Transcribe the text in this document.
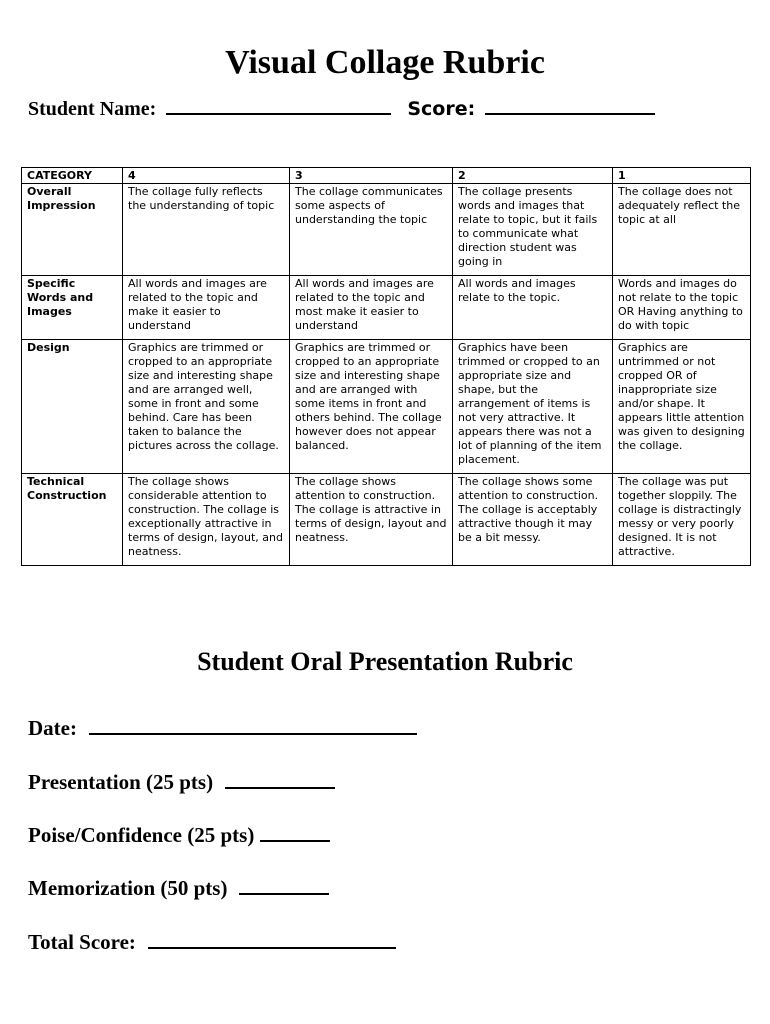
Visual Collage Rubric
Student Name:	Score:
CATEGORY	4	3	2	1
Overall Impression	The collage fully reflects the understanding of topic	The collage communicates some aspects of understanding the topic	The collage presents words and images that relate to topic, but it fails to communicate what direction student was going in	The collage does not adequately reflect the topic at all
Specific Words and Images	All words and images are related to the topic and make it easier to understand	All words and images are related to the topic and most make it easier to understand	All words and images relate to the topic.	Words and images do not relate to the topic OR Having anything to do with topic
Design	Graphics are trimmed or cropped to an appropriate size and interesting shape and are arranged well, some in front and some behind. Care has been taken to balance the pictures across the collage.	Graphics are trimmed or cropped to an appropriate size and interesting shape and are arranged with some items in front and others behind. The collage however does not appear balanced.	Graphics have been trimmed or cropped to an appropriate size and shape, but the arrangement of items is not very attractive. It appears there was not a lot of planning of the item placement.	Graphics are untrimmed or not cropped OR of inappropriate size and/or shape. It appears little attention was given to designing the collage.
Technical Construction	The collage shows considerable attention to construction. The collage is exceptionally attractive in terms of design, layout, and neatness.	The collage shows attention to construction. The collage is attractive in terms of design, layout and neatness.	The collage shows some attention to construction. The collage is acceptably attractive though it may be a bit messy.	The collage was put together sloppily. The collage is distractingly messy or very poorly designed. It is not attractive.
Student Oral Presentation Rubric
Date:
Presentation (25 pts)
Poise/Confidence (25 pts)
Memorization (50 pts)
Total Score:
